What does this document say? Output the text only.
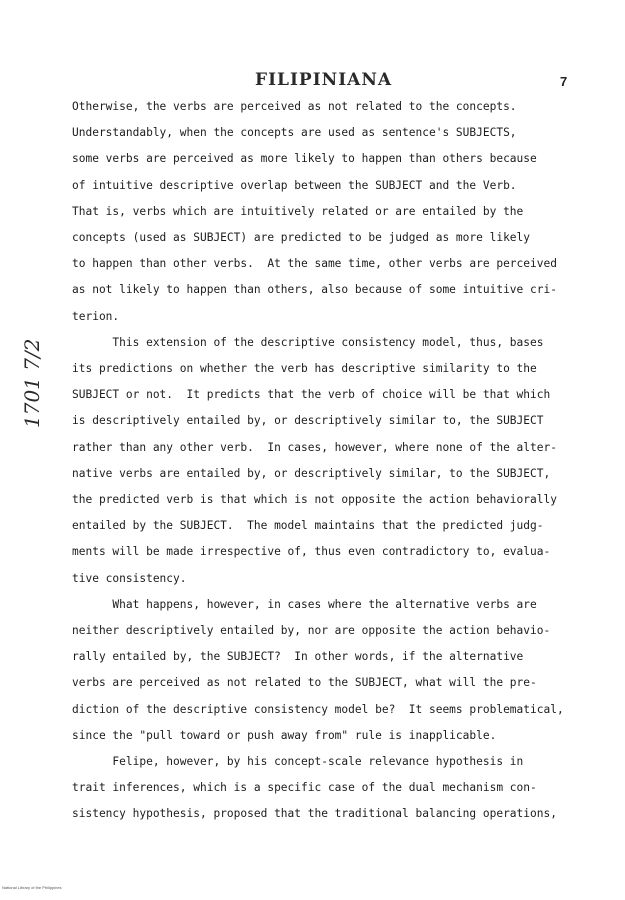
FILIPINIANA	7
Otherwise, the verbs are perceived as not related to the concepts.
Understandably, when the concepts are used as sentence's SUBJECTS,
some verbs are perceived as more likely to happen than others because
of intuitive descriptive overlap between the SUBJECT and the Verb.
That is, verbs which are intuitively related or are entailed by the
concepts (used as SUBJECT) are predicted to be judged as more likely
to happen than other verbs.  At the same time, other verbs are perceived
as not likely to happen than others, also because of some intuitive cri-
terion.
This extension of the descriptive consistency model, thus, bases
its predictions on whether the verb has descriptive similarity to the
SUBJECT or not.  It predicts that the verb of choice will be that which
is descriptively entailed by, or descriptively similar to, the SUBJECT
rather than any other verb.  In cases, however, where none of the alter-
native verbs are entailed by, or descriptively similar, to the SUBJECT,
the predicted verb is that which is not opposite the action behaviorally
entailed by the SUBJECT.  The model maintains that the predicted judg-
ments will be made irrespective of, thus even contradictory to, evalua-
tive consistency.
What happens, however, in cases where the alternative verbs are
neither descriptively entailed by, nor are opposite the action behavio-
rally entailed by, the SUBJECT?  In other words, if the alternative
verbs are perceived as not related to the SUBJECT, what will the pre-
diction of the descriptive consistency model be?  It seems problematical,
since the "pull toward or push away from" rule is inapplicable.
Felipe, however, by his concept-scale relevance hypothesis in
trait inferences, which is a specific case of the dual mechanism con-
sistency hypothesis, proposed that the traditional balancing operations,
1701 7/2
National Library of the Philippines
